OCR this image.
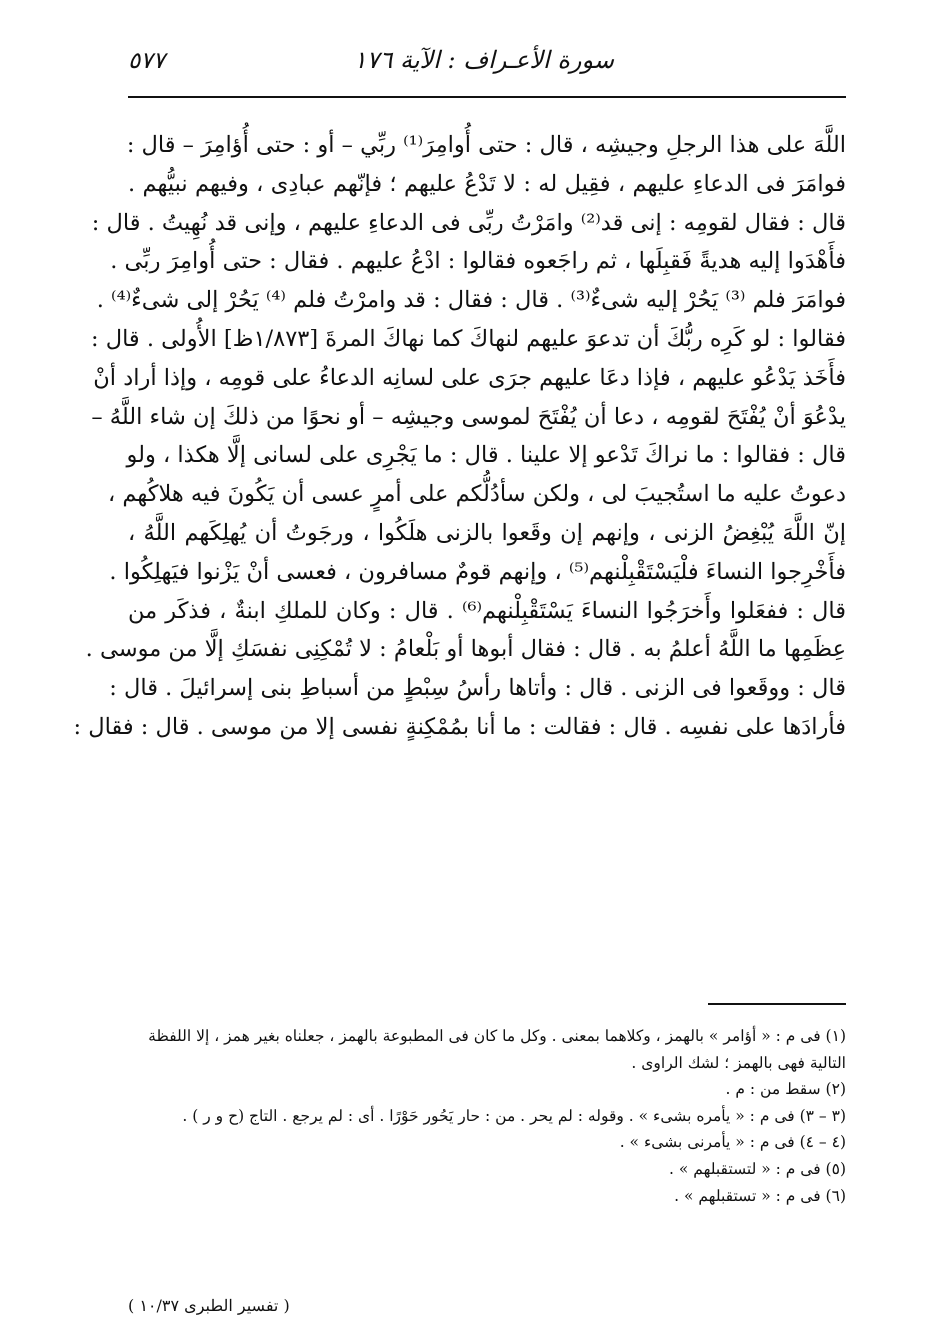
سورة الأعـراف : الآية ١٧٦
٥٧٧
اللَّهَ على هذا الرجلِ وجيشِه ، قال : حتى أُوامِرَ⁽¹⁾ ربِّي – أو : حتى أُؤامِرَ – قال :
فوامَرَ فى الدعاءِ عليهم ، فقِيل له : لا تَدْعُ عليهم ؛ فإنّهم عبادِى ، وفيهم نبيُّهم .
قال : فقال لقومِه : إنى قد⁽²⁾ وامَرْتُ ربِّى فى الدعاءِ عليهم ، وإنى قد نُهِيتُ . قال :
فأَهْدَوا إليه هديةً فَقبِلَها ، ثم راجَعوه فقالوا : ادْعُ عليهم . فقال : حتى أُوامِرَ ربِّى .
فوامَرَ فلم ⁽³⁾ يَحُرْ إليه شىءٌ⁽³⁾ . قال : فقال : قد وامرْتُ فلم ⁽⁴⁾ يَحُرْ إلى شىءٌ⁽⁴⁾ .
فقالوا : لو كَرِه ربُّكَ أن تدعوَ عليهم لنهاكَ كما نهاكَ المرةَ [١/٨٧٣ظ] الأُولى . قال :
فأَخَذ يَدْعُو عليهم ، فإذا دعَا عليهم جرَى على لسانِه الدعاءُ على قومِه ، وإذا أراد أنْ
يدْعُوَ أنْ يُفْتَحَ لقومِه ، دعا أن يُفْتَحَ لموسى وجيشِه – أو نحوًا من ذلكَ إن شاء اللَّهُ –
قال : فقالوا : ما نراكَ تَدْعو إلا علينا . قال : ما يَجْرِى على لسانى إلَّا هكذا ، ولو
دعوتُ عليه ما استُجيبَ لى ، ولكن سأدُلُّكم على أمرٍ عسى أن يَكُونَ فيه هلاكُهم ،
إنّ اللَّهَ يُبْغِضُ الزنى ، وإنهم إن وقَعوا بالزنى هلَكُوا ، ورجَوتُ أن يُهلِكَهم اللَّهُ ،
فأَخْرِجوا النساءَ فلْيَسْتَقْبِلْنهم⁽⁵⁾ ، وإنهم قومٌ مسافرون ، فعسى أنْ يَزْنوا فيَهلِكُوا .
قال : ففعَلوا وأَخرَجُوا النساءَ يَسْتَقْبِلْنهم⁽⁶⁾ . قال : وكان للملكِ ابنةٌ ، فذكَر من
عِظَمِها ما اللَّهُ أعلمُ به . قال : فقال أبوها أو بَلْعامُ : لا تُمْكِنِى نفسَكِ إلَّا من موسى .
قال : ووقَعوا فى الزنى . قال : وأتاها رأسُ سِبْطٍ من أسباطِ بنى إسرائيلَ . قال :
فأرادَها على نفسِه . قال : فقالت : ما أنا بمُمْكِنةٍ نفسى إلا من موسى . قال : فقال :
(١) فى م : « أؤامر » بالهمز ، وكلاهما بمعنى . وكل ما كان فى المطبوعة بالهمز ، جعلناه بغير همز ، إلا اللفظة
التالية فهى بالهمز ؛ لشك الراوى .
(٢) سقط من : م .
(٣ – ٣) فى م : « يأمره بشىء » . وقوله : لم يحر . من : حار يَحُور حَوْرًا . أى : لم يرجع . التاج (ح و ر ) .
(٤ – ٤) فى م : « يأمرنى بشىء » .
(٥) فى م : « لتستقبلهم » .
(٦) فى م : « تستقبلهم » .
( تفسير الطبرى ١٠/٣٧ )
